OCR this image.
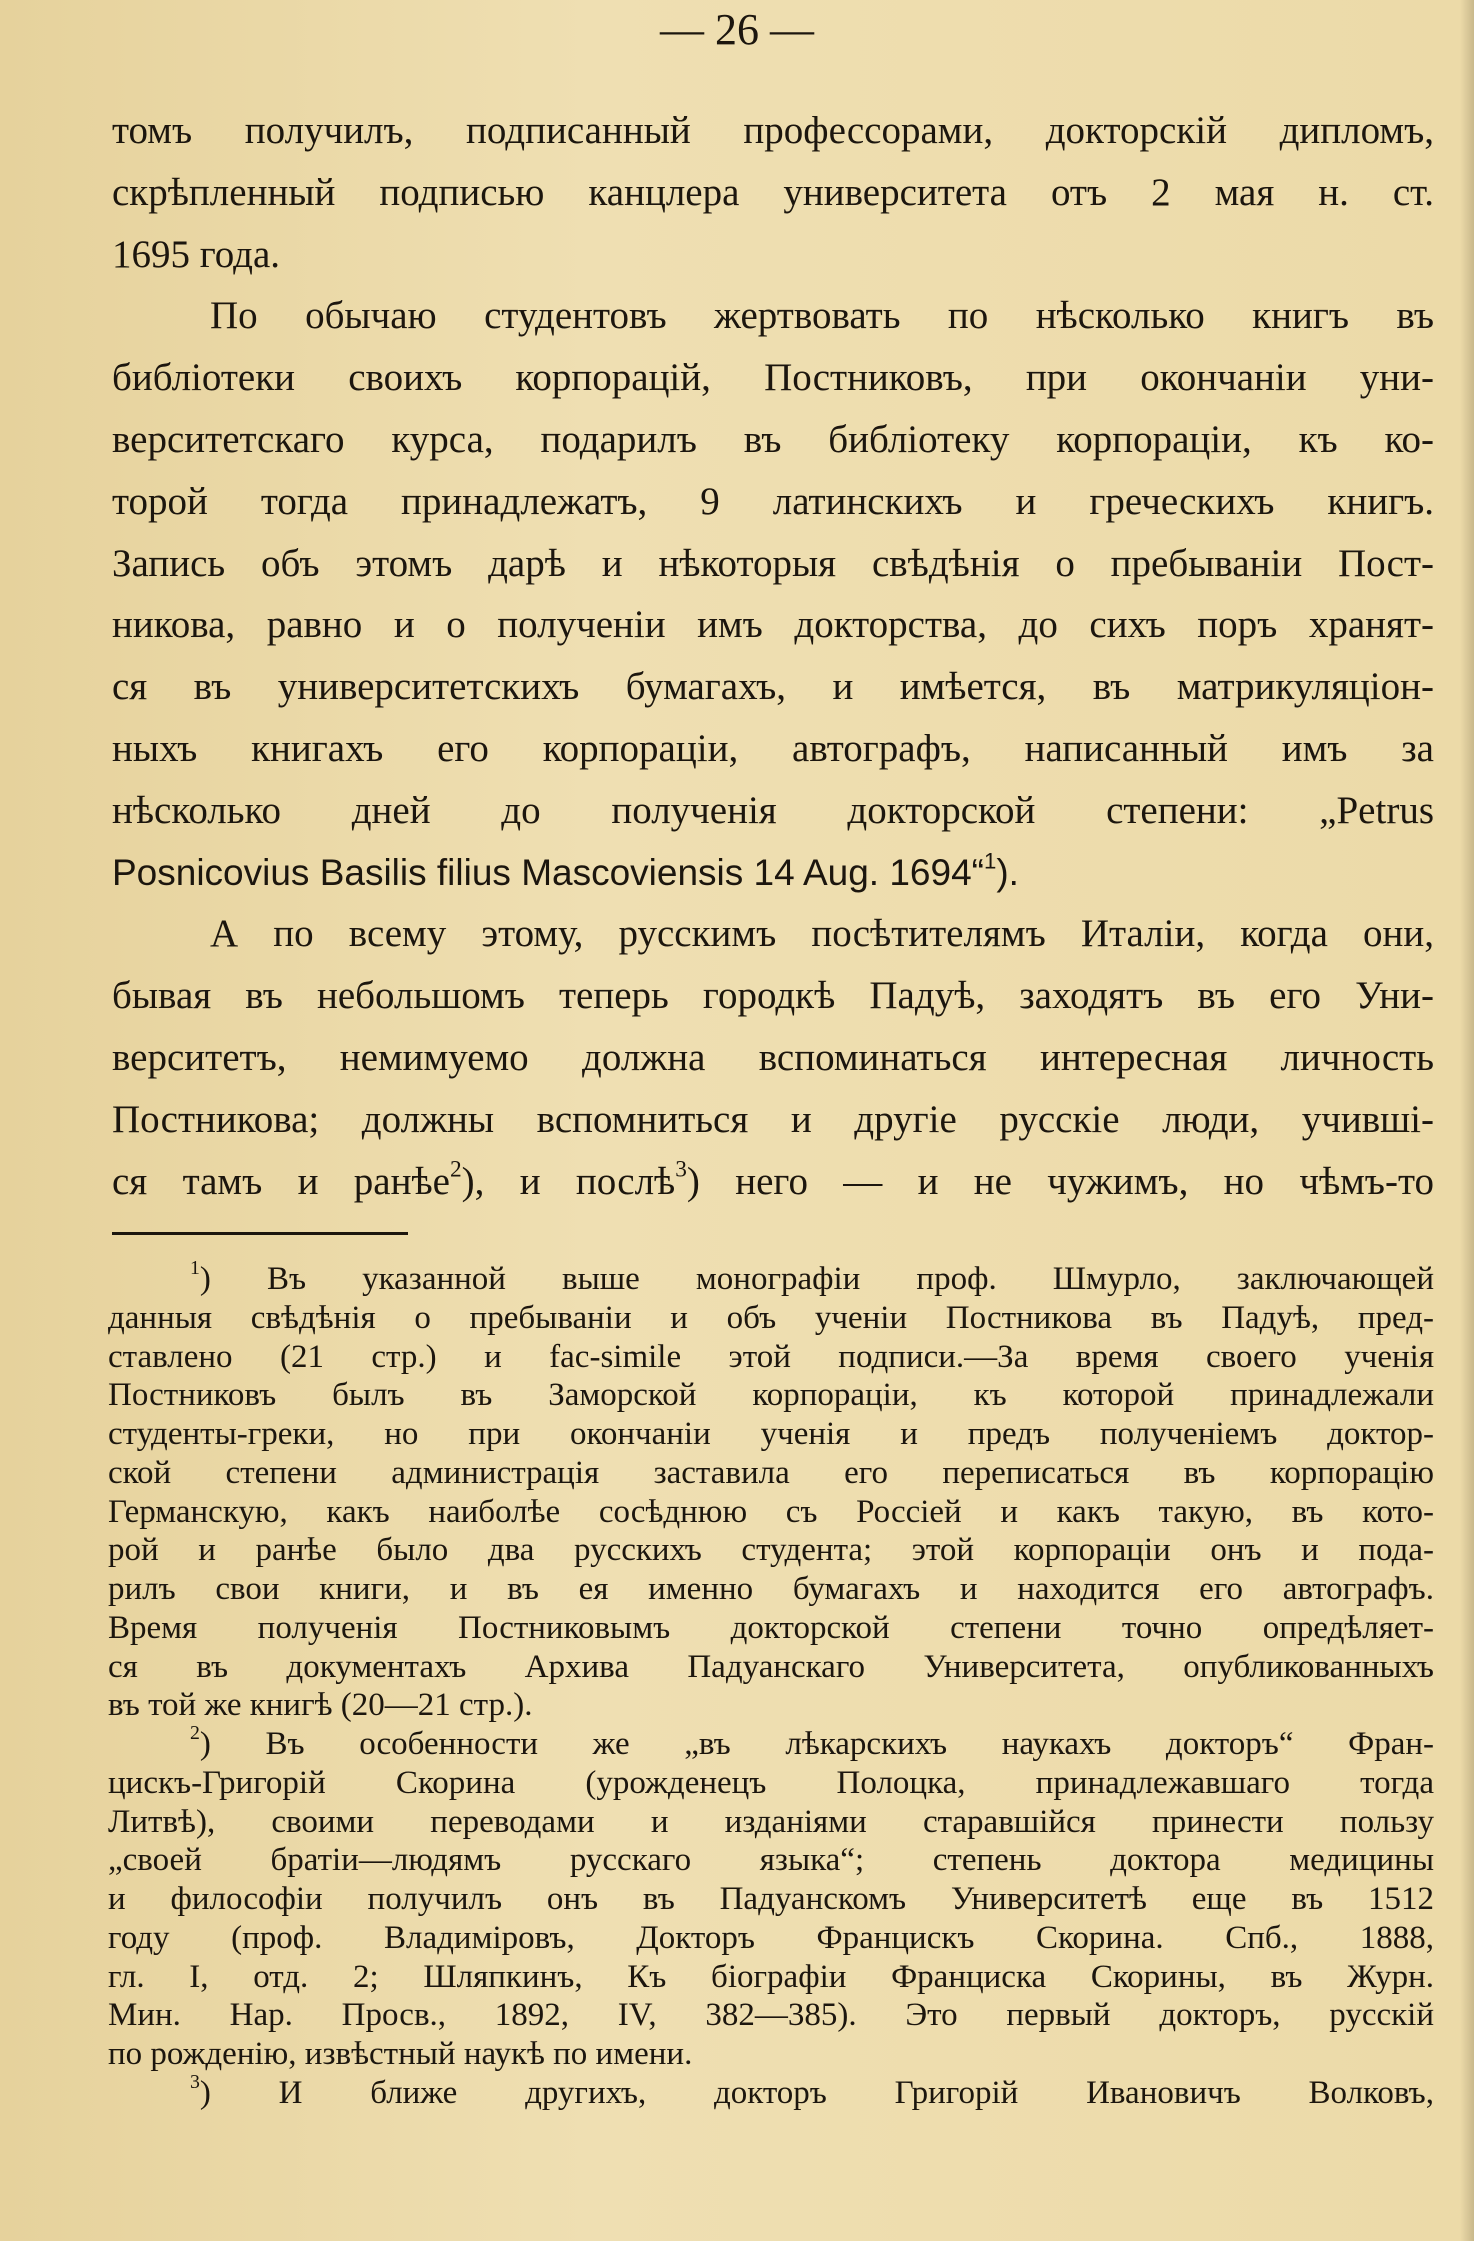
— 26 —
томъ получилъ, подписанный профессорами, докторскій дипломъ,
скрѣпленный подписью канцлера университета отъ 2 мая н. ст.
1695 года.
По обычаю студентовъ жертвовать по нѣсколько книгъ въ
библіотеки своихъ корпорацій, Постниковъ, при окончаніи уни-
верситетскаго курса, подарилъ въ библіотеку корпораціи, къ ко-
торой тогда принадлежатъ, 9 латинскихъ и греческихъ книгъ.
Запись объ этомъ дарѣ и нѣкоторыя свѣдѣнія о пребываніи Пост-
никова, равно и о полученіи имъ докторства, до сихъ поръ хранят-
ся въ университетскихъ бумагахъ, и имѣется, въ матрикуляціон-
ныхъ книгахъ его корпораціи, автографъ, написанный имъ за
нѣсколько дней до полученія докторской степени: „Petrus
Posnicovius Basilis filius Mascoviensis 14 Aug. 1694“$^1$).
А по всему этому, русскимъ посѣтителямъ Италіи, когда они,
бывая въ небольшомъ теперь городкѣ Падуѣ, заходятъ въ его Уни-
верситетъ, немимуемо должна вспоминаться интересная личность
Постникова; должны вспомниться и другіе русскіе люди, учивші-
ся тамъ и ранѣе$^2$), и послѣ$^3$) него — и не чужимъ, но чѣмъ-то
$^1$) Въ указанной выше монографіи проф. Шмурло, заключающей
данныя свѣдѣнія о пребываніи и объ ученіи Постникова въ Падуѣ, пред-
ставлено (21 стр.) и fac-simile этой подписи.—За время своего ученія
Постниковъ былъ въ Заморской корпораціи, къ которой принадлежали
студенты-греки, но при окончаніи ученія и предъ полученіемъ доктор-
ской степени администрація заставила его переписаться въ корпорацію
Германскую, какъ наиболѣе сосѣднюю съ Россіей и какъ такую, въ кото-
рой и ранѣе было два русскихъ студента; этой корпораціи онъ и пода-
рилъ свои книги, и въ ея именно бумагахъ и находится его автографъ.
Время полученія Постниковымъ докторской степени точно опредѣляет-
ся въ документахъ Архива Падуанскаго Университета, опубликованныхъ
въ той же книгѣ (20—21 стр.).
$^2$) Въ особенности же „въ лѣкарскихъ наукахъ докторъ“ Фран-
цискъ-Григорій Скорина (урожденецъ Полоцка, принадлежавшаго тогда
Литвѣ), своими переводами и изданіями старавшійся принести пользу
„своей братіи—людямъ русскаго языка“; степень доктора медицины
и философіи получилъ онъ въ Падуанскомъ Университетѣ еще въ 1512
году (проф. Владиміровъ, Докторъ Францискъ Скорина. Спб., 1888,
гл. I, отд. 2; Шляпкинъ, Къ біографіи Франциска Скорины, въ Журн.
Мин. Нар. Просв., 1892, IV, 382—385). Это первый докторъ, русскій
по рожденію, извѣстный наукѣ по имени.
$^3$) И ближе другихъ, докторъ Григорій Ивановичъ Волковъ,
